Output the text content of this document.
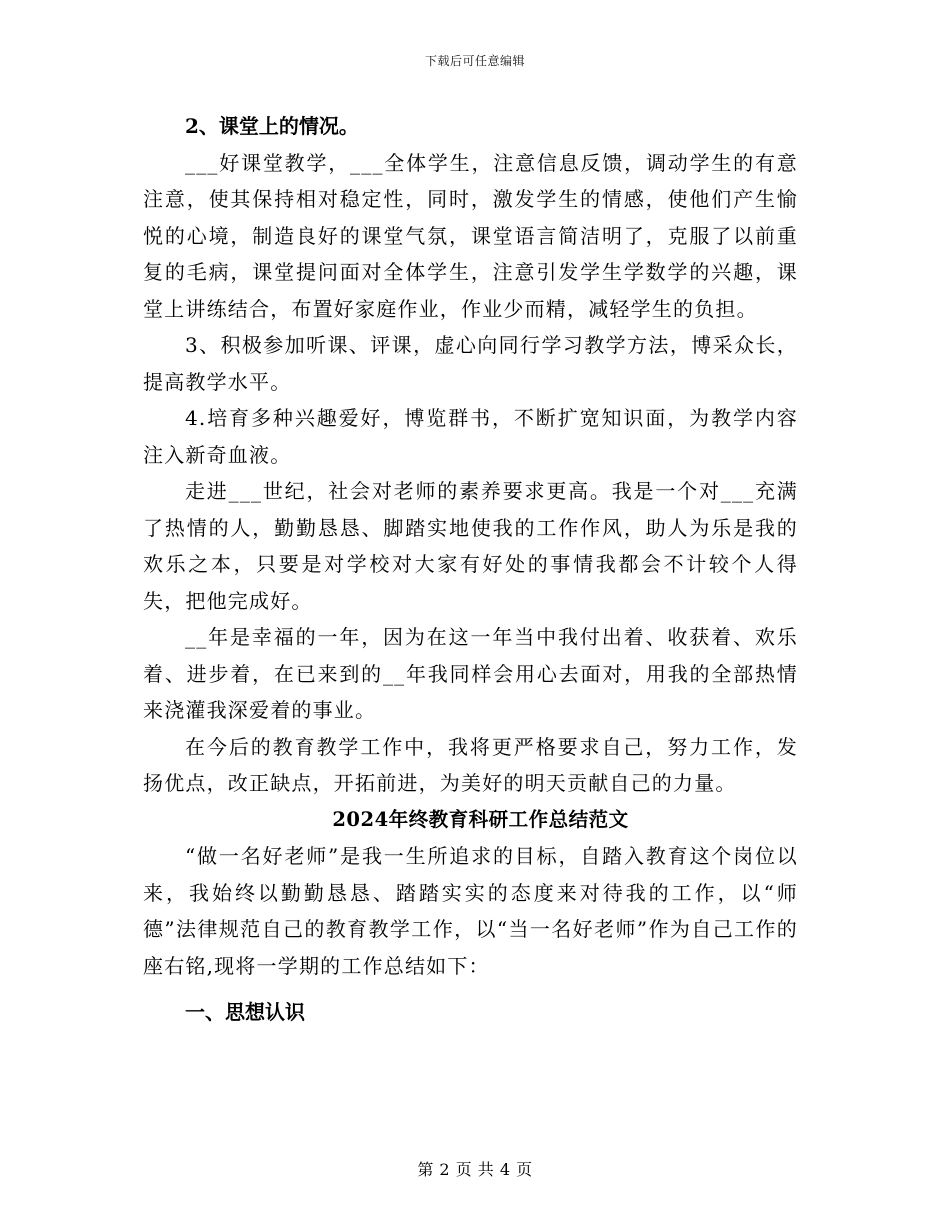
下载后可任意编辑

2、课堂上的情况。

___好课堂教学，___全体学生，注意信息反馈，调动学生的有意注意，使其保持相对稳定性，同时，激发学生的情感，使他们产生愉悦的心境，制造良好的课堂气氛，课堂语言简洁明了，克服了以前重复的毛病，课堂提问面对全体学生，注意引发学生学数学的兴趣，课堂上讲练结合，布置好家庭作业，作业少而精，减轻学生的负担。

3、积极参加听课、评课，虚心向同行学习教学方法，博采众长，提高教学水平。

4.培育多种兴趣爱好，博览群书，不断扩宽知识面，为教学内容注入新奇血液。

走进___世纪，社会对老师的素养要求更高。我是一个对___充满了热情的人，勤勤恳恳、脚踏实地使我的工作作风，助人为乐是我的欢乐之本，只要是对学校对大家有好处的事情我都会不计较个人得失，把他完成好。

__年是幸福的一年，因为在这一年当中我付出着、收获着、欢乐着、进步着，在已来到的__年我同样会用心去面对，用我的全部热情来浇灌我深爱着的事业。

在今后的教育教学工作中，我将更严格要求自己，努力工作，发扬优点，改正缺点，开拓前进，为美好的明天贡献自己的力量。

2024年终教育科研工作总结范文

“做一名好老师”是我一生所追求的目标，自踏入教育这个岗位以来，我始终以勤勤恳恳、踏踏实实的态度来对待我的工作，以“师德”法律规范自己的教育教学工作，以“当一名好老师”作为自己工作的座右铭,现将一学期的工作总结如下：

一、思想认识

第 2 页 共 4 页
